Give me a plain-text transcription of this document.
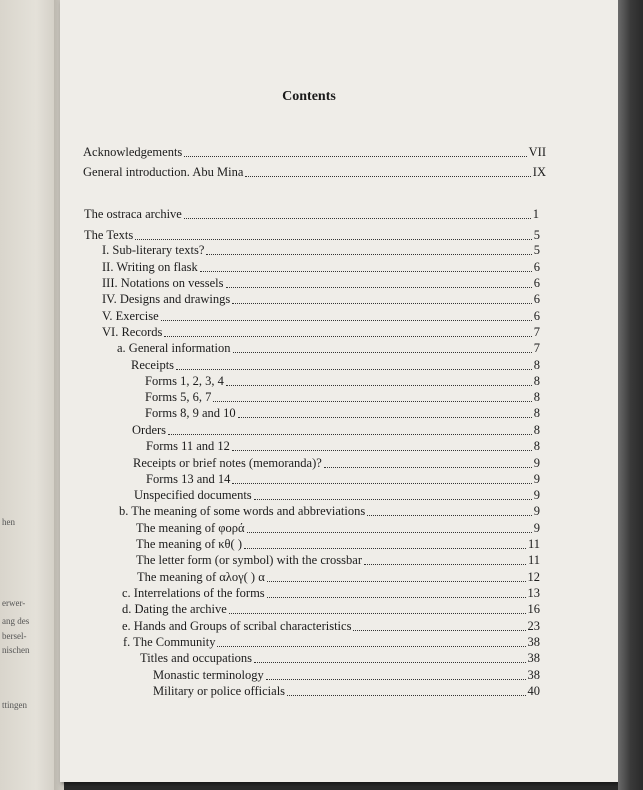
hen
erwer-
ang des
bersel-
nischen
ttingen
Contents
Acknowledgements	VII
General introduction. Abu Mina	IX
The ostraca archive	1
The Texts	5
I. Sub-literary texts?	5
II. Writing on flask	6
III. Notations on vessels	6
IV. Designs and drawings	6
V. Exercise	6
VI. Records	7
a. General information	7
Receipts	8
Forms 1, 2, 3, 4	8
Forms 5, 6, 7	8
Forms 8, 9 and 10	8
Orders	8
Forms 11 and 12	8
Receipts or brief notes (memoranda)?	9
Forms 13 and 14	9
Unspecified documents	9
b. The meaning of some words and abbreviations	9
The meaning of φορά	9
The meaning of κθ( )	11
The letter form (or symbol) with the crossbar	11
The meaning of αλογ( ) α	12
c. Interrelations of the forms	13
d. Dating the archive	16
e. Hands and Groups of scribal characteristics	23
f. The Community	38
Titles and occupations	38
Monastic terminology	38
Military or police officials	40
